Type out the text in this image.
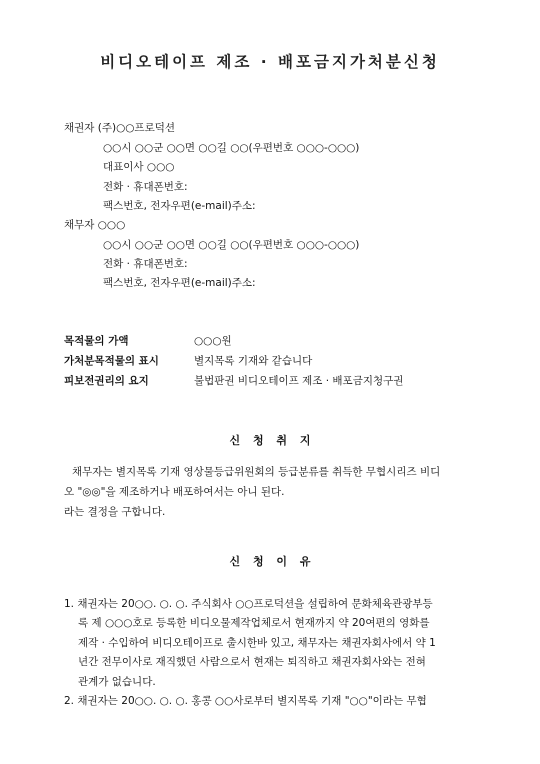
비디오테이프 제조 · 배포금지가처분신청
채권자 (주)○○프로덕션
○○시 ○○군 ○○면 ○○길 ○○(우편번호 ○○○-○○○)
대표이사 ○○○
전화 · 휴대폰번호:
팩스번호, 전자우편(e-mail)주소:
채무자 ○○○
○○시 ○○군 ○○면 ○○길 ○○(우편번호 ○○○-○○○)
전화 · 휴대폰번호:
팩스번호, 전자우편(e-mail)주소:
목적물의 가액	○○○원
가처분목적물의 표시	별지목록 기재와 같습니다
피보전권리의 요지	불법판권 비디오테이프 제조 · 배포금지청구권
신 청 취 지
채무자는 별지목록 기재 영상물등급위원회의 등급분류를 취득한 무협시리즈 비디
오 "◎◎"을 제조하거나 배포하여서는 아니 된다.
라는 결정을 구합니다.
신 청 이 유
1. 채권자는 20○○. ○. ○. 주식회사 ○○프로덕션을 설립하여 문화체육관광부등
록 제 ○○○호로 등록한 비디오물제작업체로서 현재까지 약 20여편의 영화를
제작 · 수입하여 비디오테이프로 출시한바 있고, 채무자는 채권자회사에서 약 1
년간 전무이사로 재직했던 사람으로서 현재는 퇴직하고 채권자회사와는 전혀
관계가 없습니다.
2. 채권자는 20○○. ○. ○. 홍콩 ○○사로부터 별지목록 기재 "○○"이라는 무협
